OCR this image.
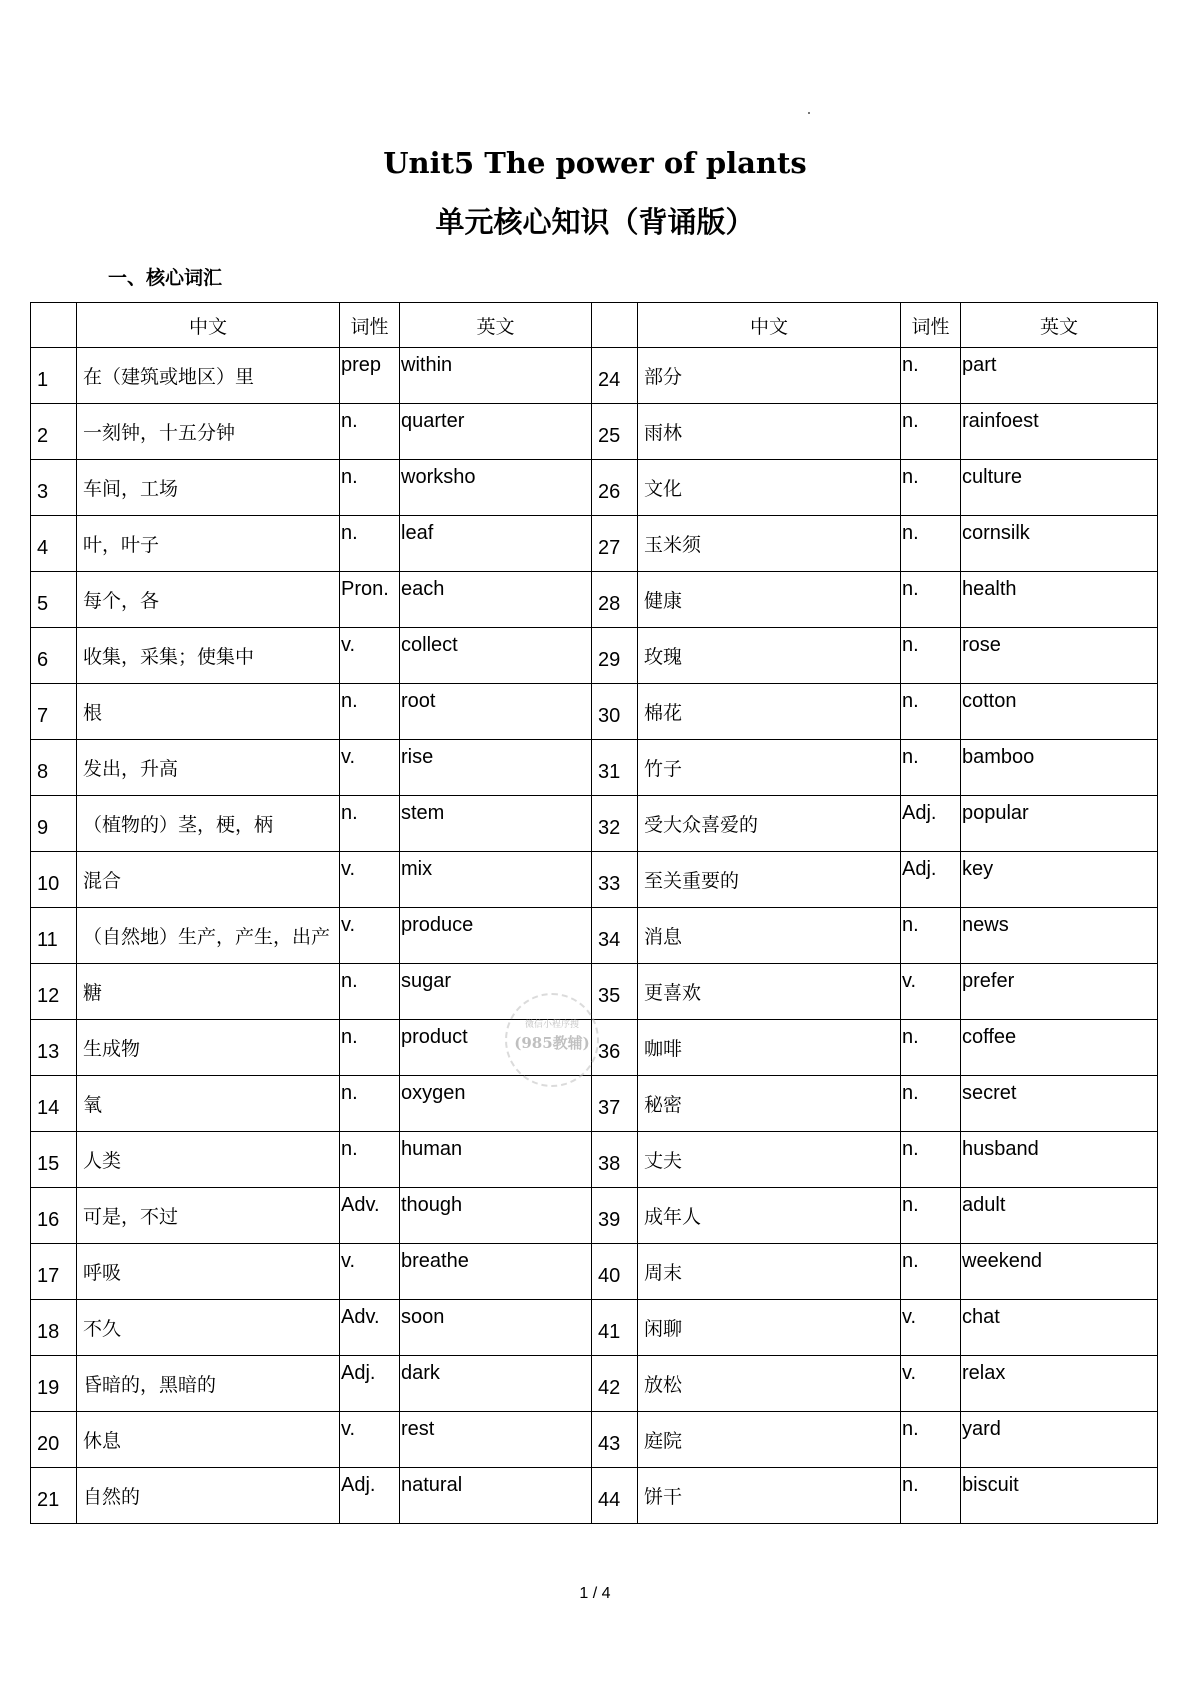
Unit5 The power of plants
单元核心知识（背诵版）
一、核心词汇
	中文	词性	英文		中文	词性	英文
1	在（建筑或地区）里	prep	within	24	部分	n.	part
2	一刻钟，十五分钟	n.	quarter	25	雨林	n.	rainfoest
3	车间，工场	n.	worksho	26	文化	n.	culture
4	叶，叶子	n.	leaf	27	玉米须	n.	cornsilk
5	每个，各	Pron.	each	28	健康	n.	health
6	收集，采集；使集中	v.	collect	29	玫瑰	n.	rose
7	根	n.	root	30	棉花	n.	cotton
8	发出，升高	v.	rise	31	竹子	n.	bamboo
9	（植物的）茎，梗，柄	n.	stem	32	受大众喜爱的	Adj.	popular
10	混合	v.	mix	33	至关重要的	Adj.	key
11	（自然地）生产，产生，出产	v.	produce	34	消息	n.	news
12	糖	n.	sugar	35	更喜欢	v.	prefer
13	生成物	n.	product	36	咖啡	n.	coffee
14	氧	n.	oxygen	37	秘密	n.	secret
15	人类	n.	human	38	丈夫	n.	husband
16	可是，不过	Adv.	though	39	成年人	n.	adult
17	呼吸	v.	breathe	40	周末	n.	weekend
18	不久	Adv.	soon	41	闲聊	v.	chat
19	昏暗的，黑暗的	Adj.	dark	42	放松	v.	relax
20	休息	v.	rest	43	庭院	n.	yard
21	自然的	Adj.	natural	44	饼干	n.	biscuit
微信小程序搜
(985教辅)
1 / 4
